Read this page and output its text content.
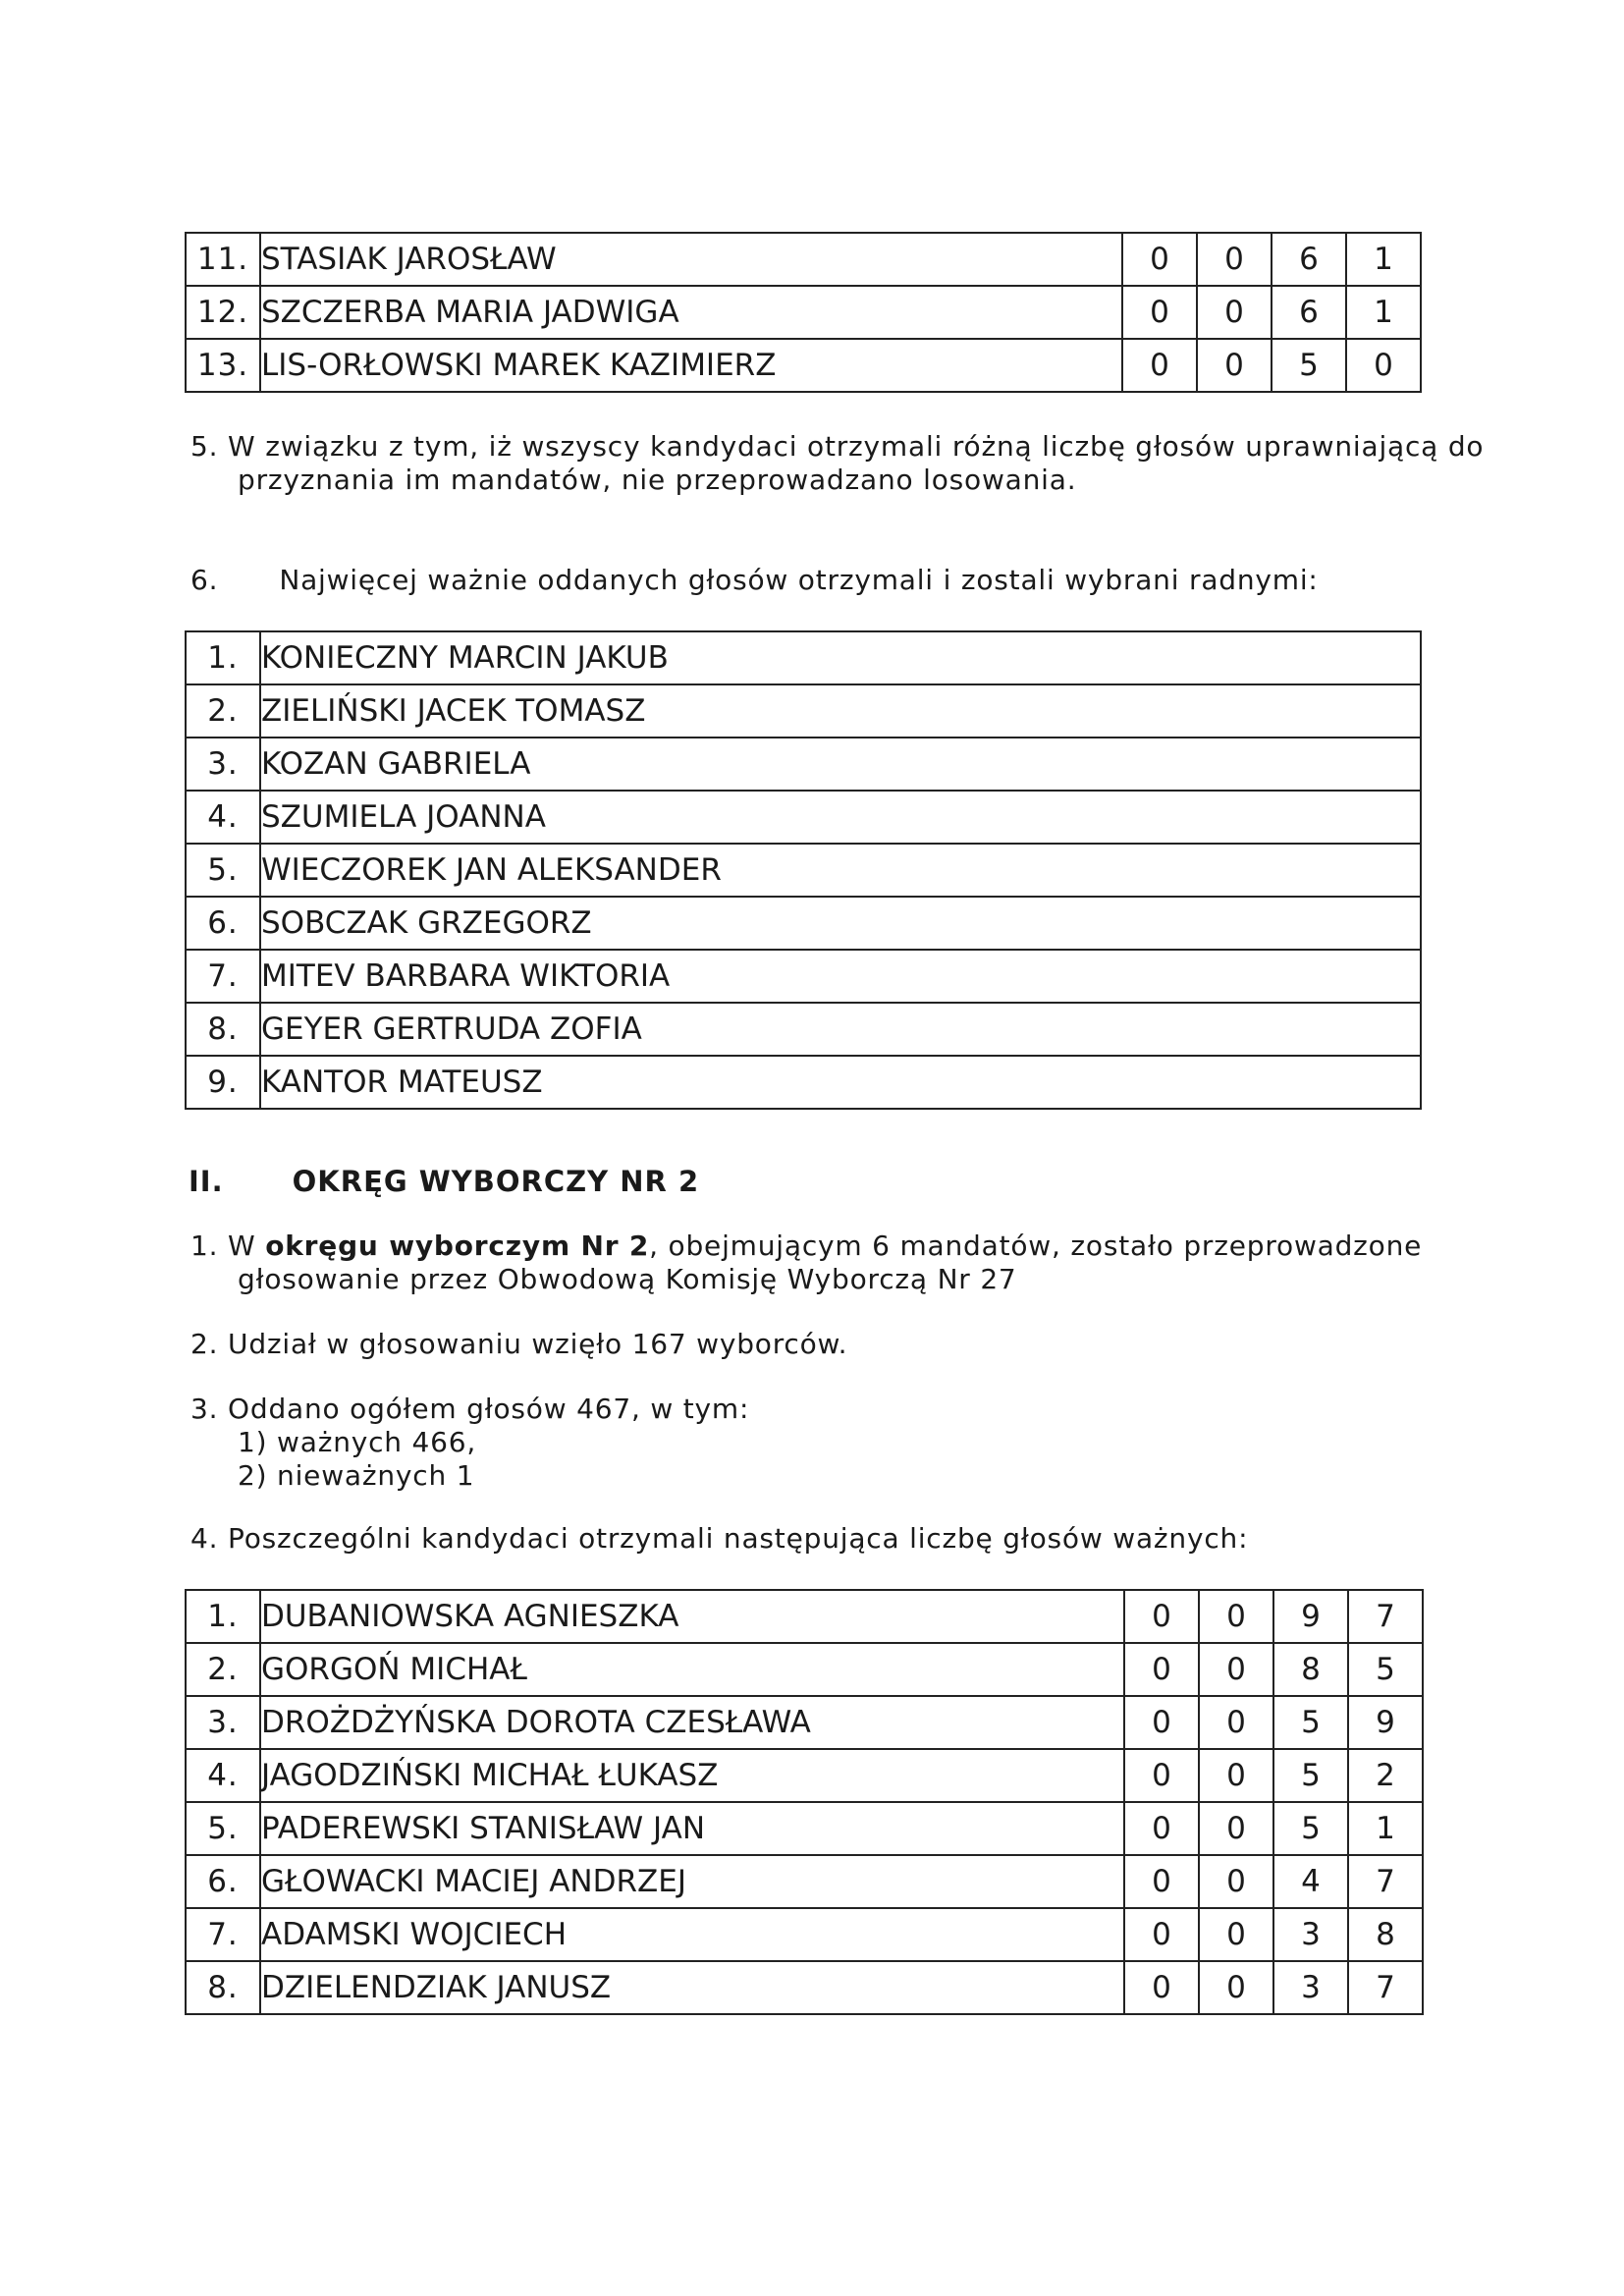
11.	STASIAK JAROSŁAW	0	0	6	1
12.	SZCZERBA MARIA JADWIGA	0	0	6	1
13.	LIS-ORŁOWSKI MAREK KAZIMIERZ	0	0	5	0
5. W związku z tym, iż wszyscy kandydaci otrzymali różną liczbę głosów uprawniającą do
przyznania im mandatów, nie przeprowadzano losowania.
6. Najwięcej ważnie oddanych głosów otrzymali i zostali wybrani radnymi:
1.	KONIECZNY MARCIN JAKUB
2.	ZIELIŃSKI JACEK TOMASZ
3.	KOZAN GABRIELA
4.	SZUMIELA JOANNA
5.	WIECZOREK JAN ALEKSANDER
6.	SOBCZAK GRZEGORZ
7.	MITEV BARBARA WIKTORIA
8.	GEYER GERTRUDA ZOFIA
9.	KANTOR MATEUSZ
II. OKRĘG WYBORCZY NR 2
1. W okręgu wyborczym Nr 2, obejmującym 6 mandatów, zostało przeprowadzone
głosowanie przez Obwodową Komisję Wyborczą Nr 27
2. Udział w głosowaniu wzięło 167 wyborców.
3. Oddano ogółem głosów 467, w tym:
1) ważnych 466,
2) nieważnych 1
4. Poszczególni kandydaci otrzymali następująca liczbę głosów ważnych:
1.	DUBANIOWSKA AGNIESZKA	0	0	9	7
2.	GORGOŃ MICHAŁ	0	0	8	5
3.	DROŻDŻYŃSKA DOROTA CZESŁAWA	0	0	5	9
4.	JAGODZIŃSKI MICHAŁ ŁUKASZ	0	0	5	2
5.	PADEREWSKI STANISŁAW JAN	0	0	5	1
6.	GŁOWACKI MACIEJ ANDRZEJ	0	0	4	7
7.	ADAMSKI WOJCIECH	0	0	3	8
8.	DZIELENDZIAK JANUSZ	0	0	3	7
